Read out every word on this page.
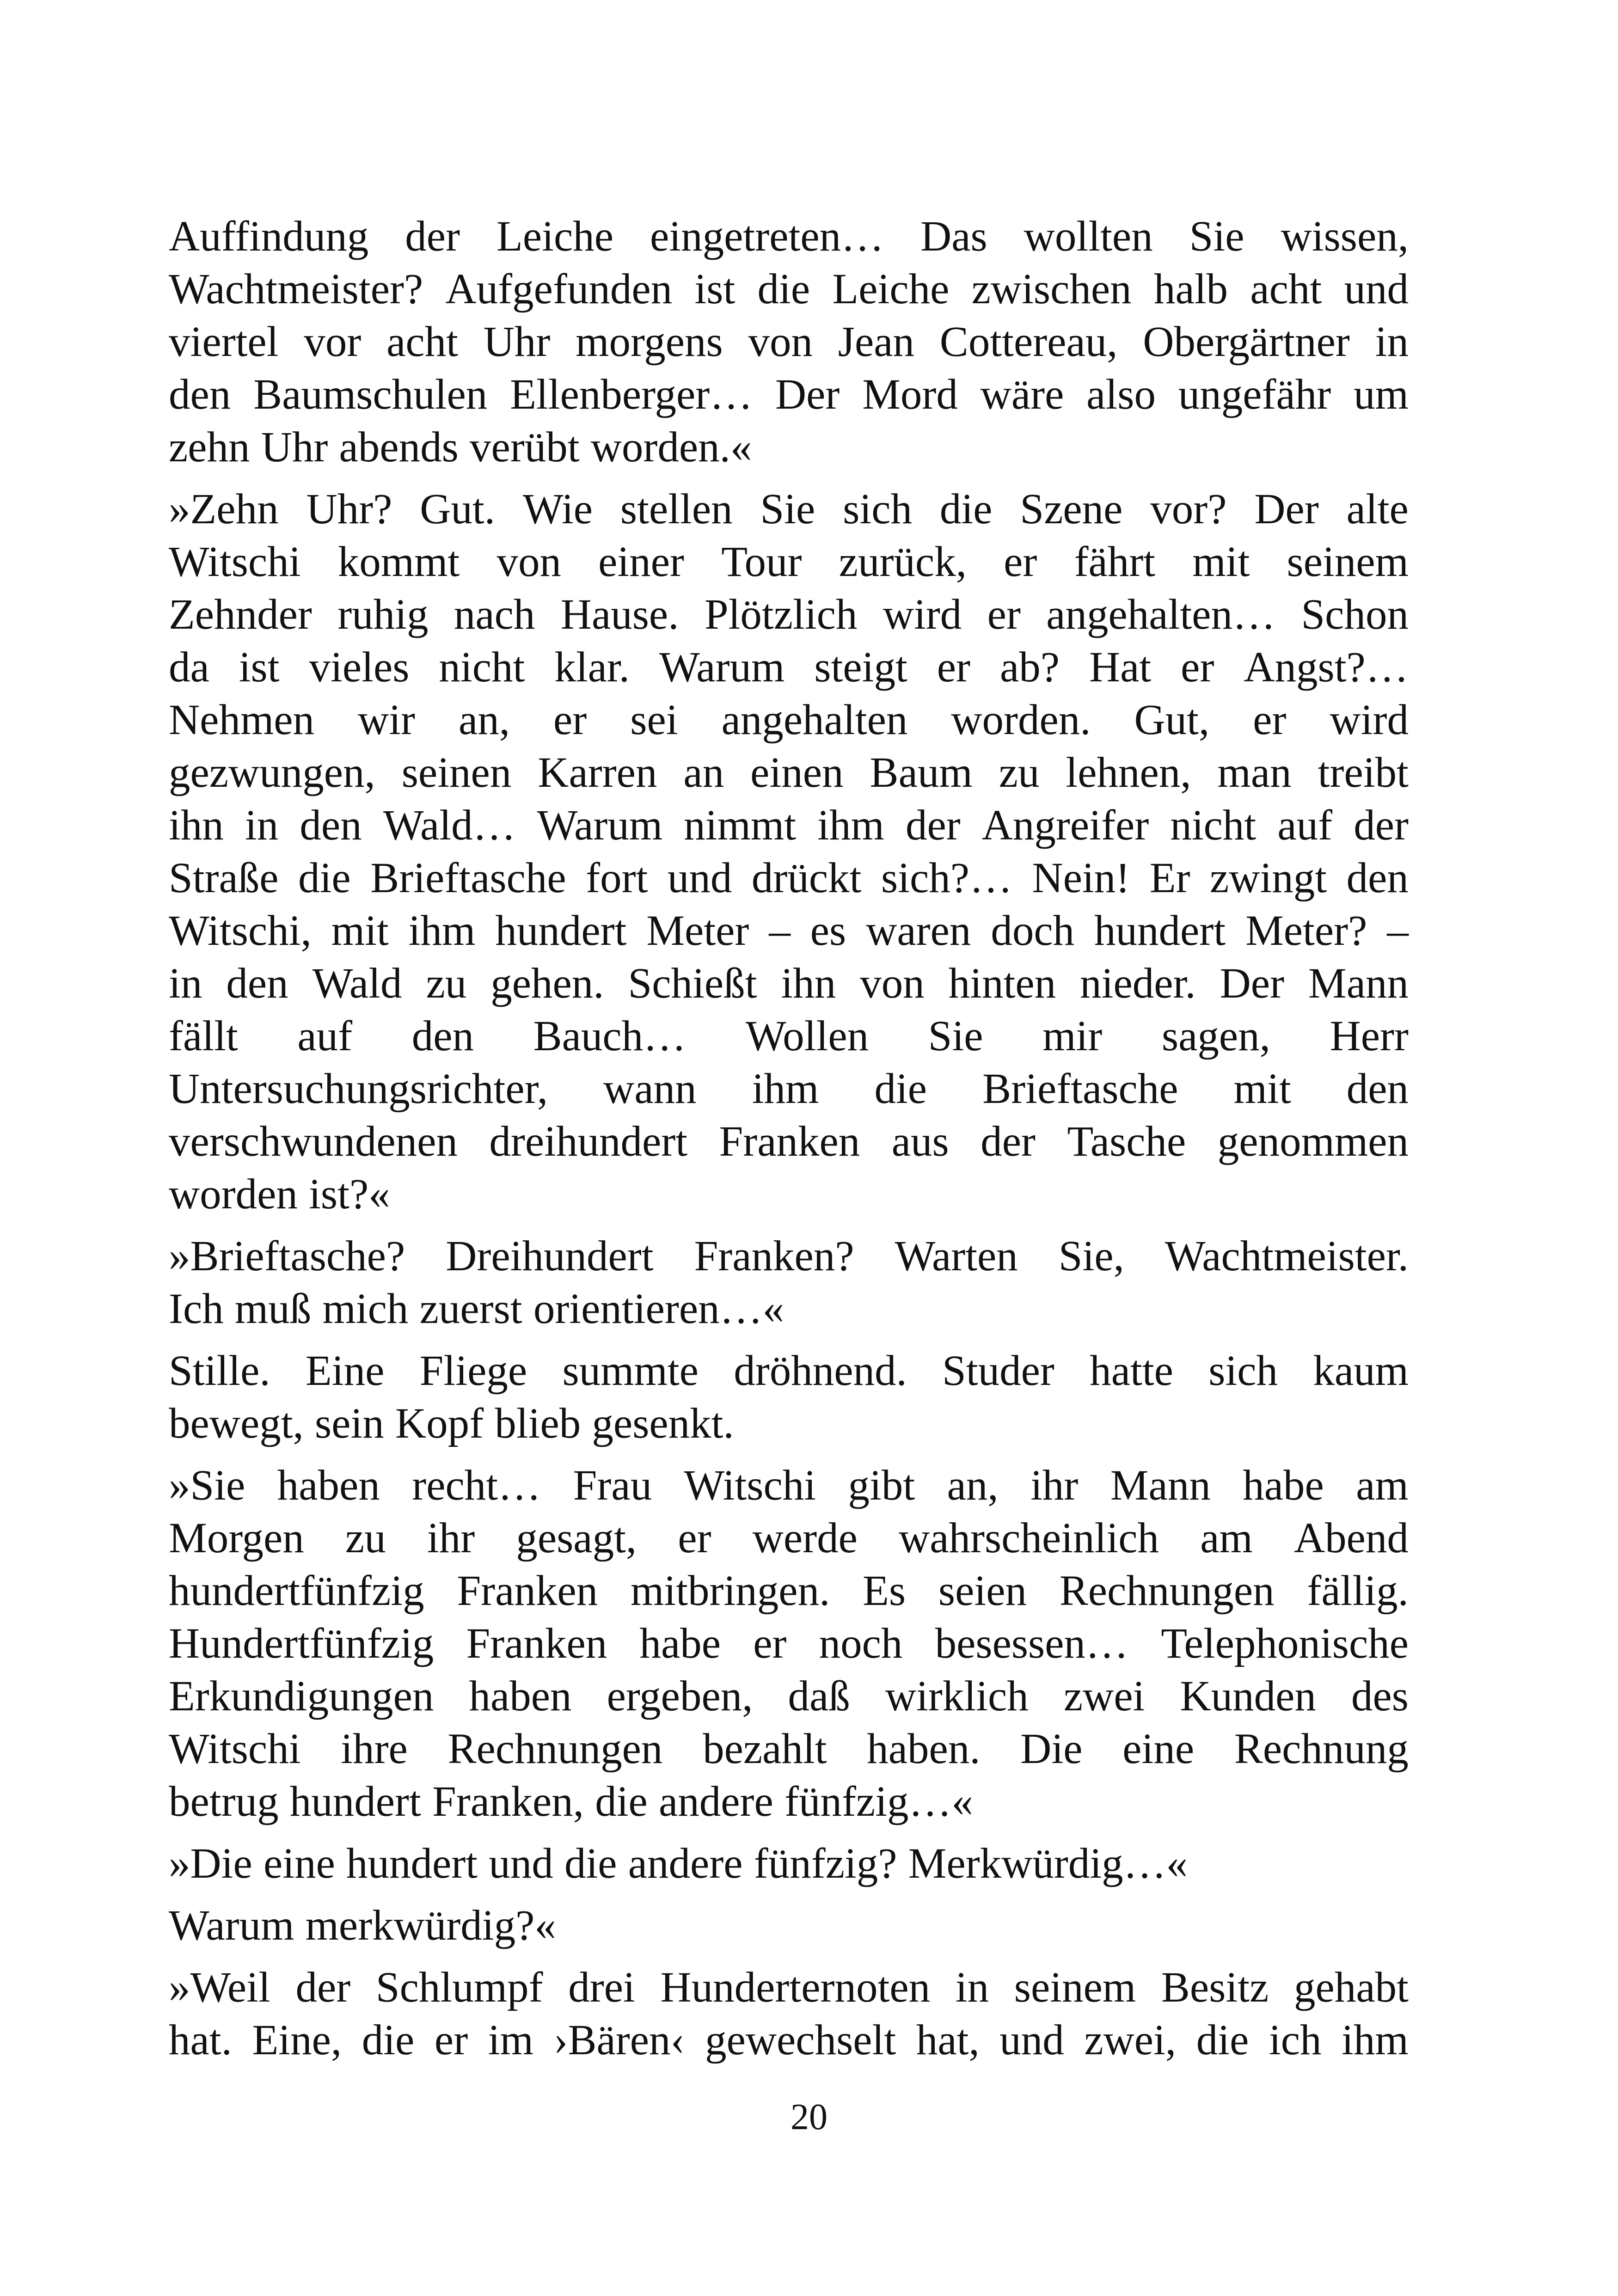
Auffindung der Leiche eingetreten… Das wollten Sie wissen,
Wachtmeister? Aufgefunden ist die Leiche zwischen halb acht und
viertel vor acht Uhr morgens von Jean Cottereau, Obergärtner in
den Baumschulen Ellenberger… Der Mord wäre also ungefähr um
zehn Uhr abends verübt worden.«
»Zehn Uhr? Gut. Wie stellen Sie sich die Szene vor? Der alte
Witschi kommt von einer Tour zurück, er fährt mit seinem
Zehnder ruhig nach Hause. Plötzlich wird er angehalten… Schon
da ist vieles nicht klar. Warum steigt er ab? Hat er Angst?…
Nehmen wir an, er sei angehalten worden. Gut, er wird
gezwungen, seinen Karren an einen Baum zu lehnen, man treibt
ihn in den Wald… Warum nimmt ihm der Angreifer nicht auf der
Straße die Brieftasche fort und drückt sich?… Nein! Er zwingt den
Witschi, mit ihm hundert Meter – es waren doch hundert Meter? –
in den Wald zu gehen. Schießt ihn von hinten nieder. Der Mann
fällt auf den Bauch… Wollen Sie mir sagen, Herr
Untersuchungsrichter, wann ihm die Brieftasche mit den
verschwundenen dreihundert Franken aus der Tasche genommen
worden ist?«
»Brieftasche? Dreihundert Franken? Warten Sie, Wachtmeister.
Ich muß mich zuerst orientieren…«
Stille. Eine Fliege summte dröhnend. Studer hatte sich kaum
bewegt, sein Kopf blieb gesenkt.
»Sie haben recht… Frau Witschi gibt an, ihr Mann habe am
Morgen zu ihr gesagt, er werde wahrscheinlich am Abend
hundertfünfzig Franken mitbringen. Es seien Rechnungen fällig.
Hundertfünfzig Franken habe er noch besessen… Telephonische
Erkundigungen haben ergeben, daß wirklich zwei Kunden des
Witschi ihre Rechnungen bezahlt haben. Die eine Rechnung
betrug hundert Franken, die andere fünfzig…«
»Die eine hundert und die andere fünfzig? Merkwürdig…«
Warum merkwürdig?«
»Weil der Schlumpf drei Hunderternoten in seinem Besitz gehabt
hat. Eine, die er im ›Bären‹ gewechselt hat, und zwei, die ich ihm
20
